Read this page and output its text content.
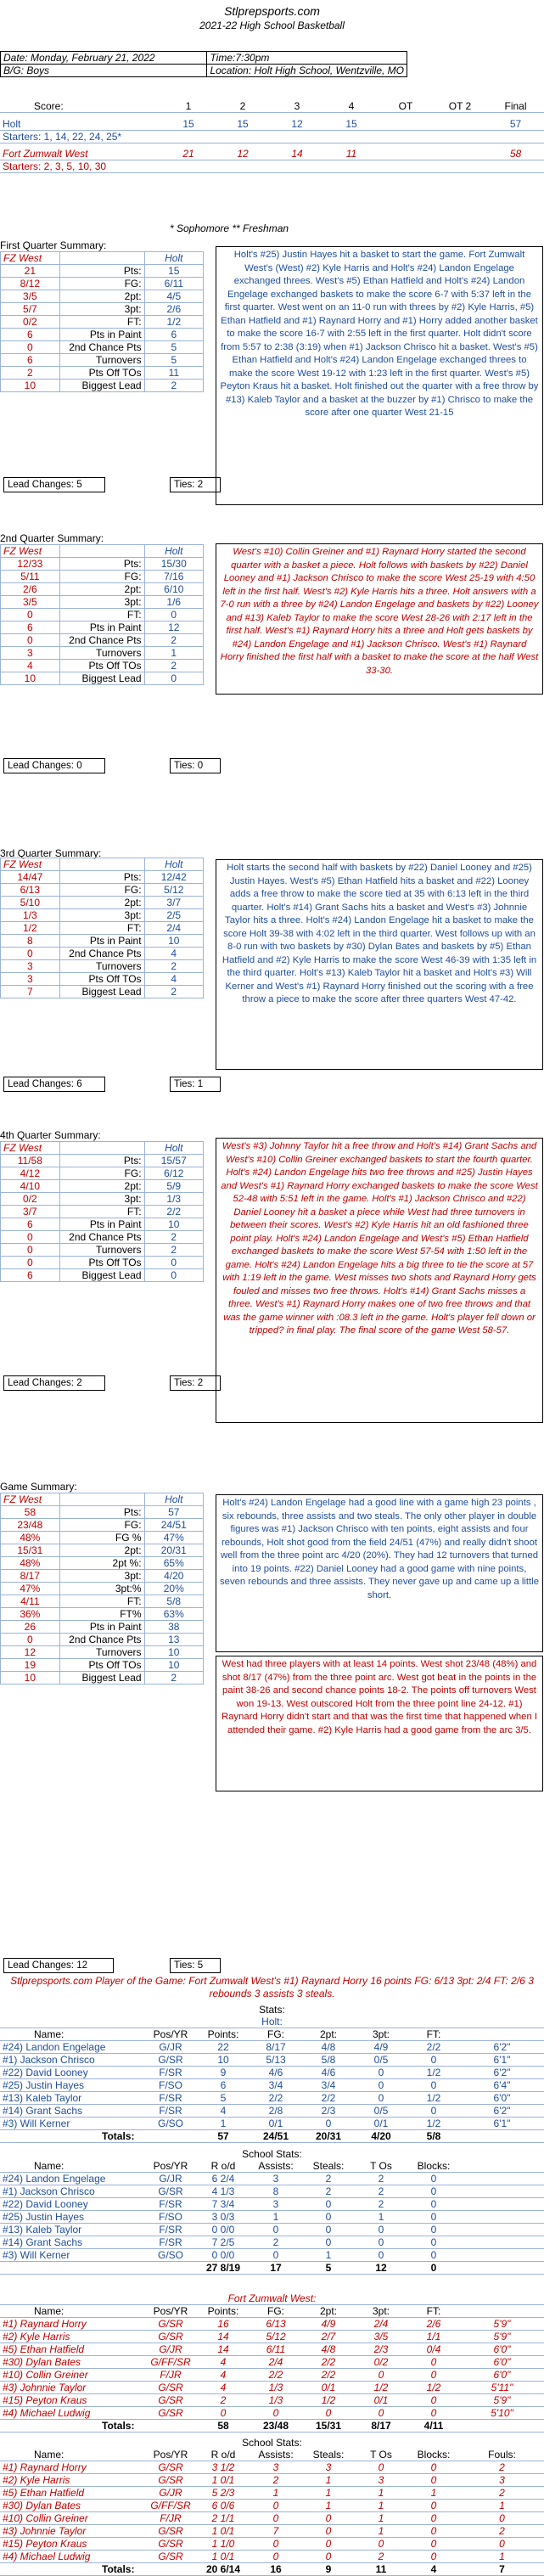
Stlprepsports.com
2021-22 High School Basketball
Date: Monday, February 21, 2022	Time:7:30pm
B/G: Boys	Location: Holt High School, Wentzville, MO
Score:	1	2	3	4	OT	OT 2	Final

Holt	15	15	12	15			57
Starters: 1, 14, 22, 24, 25*							

Fort Zumwalt West	21	12	14	11			58
Starters: 2, 3, 5, 10, 30							
* Sophomore ** Freshman
First Quarter Summary:
FZ West		Holt
21	Pts:	15
8/12	FG:	6/11
3/5	2pt:	4/5
5/7	3pt:	2/6
0/2	FT:	1/2
6	Pts in Paint	6
0	2nd Chance Pts	5
6	Turnovers	5
2	Pts Off TOs	11
10	Biggest Lead	2
Holt's #25) Justin Hayes hit a basket to start the game. Fort Zumwalt West's (West) #2) Kyle Harris and Holt's #24) Landon Engelage exchanged threes. West's #5) Ethan Hatfield and Holt's #24) Landon Engelage exchanged baskets to make the score 6-7 with 5:37 left in the first quarter. West went on an 11-0 run with threes by #2) Kyle Harris, #5) Ethan Hatfield and #1) Raynard Horry and #1) Horry added another basket to make the score 16-7 with 2:55 left in the first quarter. Holt didn't score from 5:57 to 2:38 (3:19) when #1) Jackson Chrisco hit a basket. West's #5) Ethan Hatfield and Holt's #24) Landon Engelage exchanged threes to make the score West 19-12 with 1:23 left in the first quarter. West's #5) Peyton Kraus hit a basket. Holt finished out the quarter with a free throw by #13) Kaleb Taylor and a basket at the buzzer by #1) Chrisco to make the score after one quarter West 21-15
Lead Changes: 5	Ties: 2
2nd Quarter Summary:
FZ West		Holt
12/33	Pts:	15/30
5/11	FG:	7/16
2/6	2pt:	6/10
3/5	3pt:	1/6
0	FT:	0
6	Pts in Paint	12
0	2nd Chance Pts	2
3	Turnovers	1
4	Pts Off TOs	2
10	Biggest Lead	0
West's #10) Collin Greiner and #1) Raynard Horry started the second quarter with a basket a piece. Holt follows with baskets by #22) Daniel Looney and #1) Jackson Chrisco to make the score West 25-19 with 4:50 left in the first half. West's #2) Kyle Harris hits a three. Holt answers with a 7-0 run with a three by #24) Landon Engelage and baskets by #22) Looney and #13) Kaleb Taylor to make the score West 28-26 with 2:17 left in the first half. West's #1) Raynard Horry hits a three and Holt gets baskets by #24) Landon Engelage and #1) Jackson Chrisco. West's #1) Raynard Horry finished the first half with a basket to make the score at the half West 33-30.
Lead Changes: 0	Ties: 0
3rd Quarter Summary:
FZ West		Holt
14/47	Pts:	12/42
6/13	FG:	5/12
5/10	2pt:	3/7
1/3	3pt:	2/5
1/2	FT:	2/4
8	Pts in Paint	10
0	2nd Chance Pts	4
3	Turnovers	2
3	Pts Off TOs	4
7	Biggest Lead	2
Holt starts the second half with baskets by #22) Daniel Looney and #25) Justin Hayes. West's #5) Ethan Hatfield hits a basket and #22) Looney adds a free throw to make the score tied at 35 with 6:13 left in the third quarter. Holt's #14) Grant Sachs hits a basket and West's #3) Johnnie Taylor hits a three. Holt's #24) Landon Engelage hit a basket to make the score Holt 39-38 with 4:02 left in the third quarter. West follows up with an 8-0 run with two baskets by #30) Dylan Bates and baskets by #5) Ethan Hatfield and #2) Kyle Harris to make the score West 46-39 with 1:35 left in the third quarter. Holt's #13) Kaleb Taylor hit a basket and Holt's #3) Will Kerner and West's #1) Raynard Horry finished out the scoring with a free throw a piece to make the score after three quarters West 47-42.
Lead Changes: 6	Ties: 1
4th Quarter Summary:
FZ West		Holt
11/58	Pts:	15/57
4/12	FG:	6/12
4/10	2pt:	5/9
0/2	3pt:	1/3
3/7	FT:	2/2
6	Pts in Paint	10
0	2nd Chance Pts	2
0	Turnovers	2
0	Pts Off TOs	0
6	Biggest Lead	0
West's #3) Johnny Taylor hit a free throw and Holt's #14) Grant Sachs and West's #10) Collin Greiner exchanged baskets to start the fourth quarter. Holt's #24) Landon Engelage hits two free throws and #25) Justin Hayes and West's #1) Raynard Horry exchanged baskets to make the score West 52-48 with 5:51 left in the game. Holt's #1) Jackson Chrisco and #22) Daniel Looney hit a basket a piece while West had three turnovers in between their scores. West's #2) Kyle Harris hit an old fashioned three point play. Holt's #24) Landon Engelage and West's #5) Ethan Hatfield exchanged baskets to make the score West 57-54 with 1:50 left in the game. Holt's #24) Landon Engelage hits a big three to tie the score at 57 with 1:19 left in the game. West misses two shots and Raynard Horry gets fouled and misses two free throws. Holt's #14) Grant Sachs misses a three. West's #1) Raynard Horry makes one of two free throws and that was the game winner with :08.3 left in the game. Holt's player fell down or tripped? in final play. The final score of the game West 58-57.
Lead Changes: 2	Ties: 2
Game Summary:
FZ West		Holt
58	Pts:	57
23/48	FG:	24/51
48%	FG %	47%
15/31	2pt:	20/31
48%	2pt %:	65%
8/17	3pt:	4/20
47%	3pt:%	20%
4/11	FT:	5/8
36%	FT%	63%
26	Pts in Paint	38
0	2nd Chance Pts	13
12	Turnovers	10
19	Pts Off TOs	10
10	Biggest Lead	2
Holt's #24) Landon Engelage had a good line with a game high 23 points , six rebounds, three assists and two steals. The only other player in double figures was #1) Jackson Chrisco with ten points, eight assists and four rebounds, Holt shot good from the field 24/51 (47%) and really didn't shoot well from the three point arc 4/20 (20%). They had 12 turnovers that turned into 19 points. #22) Daniel Looney had a good game with nine points, seven rebounds and three assists. They never gave up and came up a little short.
West had three players with at least 14 points. West shot 23/48 (48%) and shot 8/17 (47%) from the three point arc. West got beat in the points in the paint 38-26 and second chance points 18-2. The points off turnovers West won 19-13. West outscored Holt from the three point line 24-12. #1) Raynard Horry didn't start and that was the first time that happened when I attended their game. #2) Kyle Harris had a good game from the arc 3/5.
Lead Changes: 12	Ties: 5
Stlprepsports.com Player of the Game: Fort Zumwalt West's #1) Raynard Horry 16 points FG: 6/13 3pt: 2/4 FT: 2/6 3 rebounds 3 assists 3 steals.
Stats:							
Holt:							
Name:	Pos/YR	Points:	FG:	2pt:	3pt:	FT:	
#24) Landon Engelage	G/JR	22	8/17	4/8	4/9	2/2	6'2"
#1) Jackson Chrisco	G/SR	10	5/13	5/8	0/5	0	6'1"
#22) David Looney	F/SR	9	4/6	4/6	0	1/2	6'2"
#25) Justin Hayes	F/SO	6	3/4	3/4	0	0	6'4"
#13) Kaleb Taylor	F/SR	5	2/2	2/2	0	1/2	6'0"
#14) Grant Sachs	F/SR	4	2/8	2/3	0/5	0	6'2"
#3) Will Kerner	G/SO	1	0/1	0	0/1	1/2	6'1"
Totals:		57	24/51	20/31	4/20	5/8	
School Stats:							
Name:	Pos/YR	R o/d	Assists:	Steals:	T Os	Blocks:	
#24) Landon Engelage	G/JR	6 2/4	3	2	2	0	
#1) Jackson Chrisco	G/SR	4 1/3	8	2	2	0	
#22) David Looney	F/SR	7 3/4	3	0	2	0	
#25) Justin Hayes	F/SO	3 0/3	1	0	1	0	
#13) Kaleb Taylor	F/SR	0 0/0	0	0	0	0	
#14) Grant Sachs	F/SR	7 2/5	2	0	0	0	
#3) Will Kerner	G/SO	0 0/0	0	1	0	0	
		27 8/19	17	5	12	0	
Fort Zumwalt West:							
Name:	Pos/YR	Points:	FG:	2pt:	3pt:	FT:	
#1) Raynard Horry	G/SR	16	6/13	4/9	2/4	2/6	5'9"
#2) Kyle Harris	G/SR	14	5/12	2/7	3/5	1/1	5'9"
#5) Ethan Hatfield	G/JR	14	6/11	4/8	2/3	0/4	6'0"
#30) Dylan Bates	G/FF/SR	4	2/4	2/2	0/2	0	6'0"
#10) Collin Greiner	F/JR	4	2/2	2/2	0	0	6'0"
#3) Johnnie Taylor	G/SR	4	1/3	0/1	1/2	1/2	5'11"
#15) Peyton Kraus	G/SR	2	1/3	1/2	0/1	0	5'9"
#4) Michael Ludwig	G/SR	0	0	0	0	0	5'10"
Totals:		58	23/48	15/31	8/17	4/11	
School Stats:							
Name:	Pos/YR	R o/d	Assists:	Steals:	T Os	Blocks:	Fouls:
#1) Raynard Horry	G/SR	3 1/2	3	3	0	0	2
#2) Kyle Harris	G/SR	1 0/1	2	1	3	0	3
#5) Ethan Hatfield	G/JR	5 2/3	1	1	1	1	2
#30) Dylan Bates	G/FF/SR	6 0/6	0	1	1	0	1
#10) Collin Greiner	F/JR	2 1/1	0	0	1	0	0
#3) Johnnie Taylor	G/SR	1 0/1	7	0	1	0	2
#15) Peyton Kraus	G/SR	1 1/0	0	0	0	0	0
#4) Michael Ludwig	G/SR	1 0/1	0	0	2	0	1
Totals:		20 6/14	16	9	11	4	7
